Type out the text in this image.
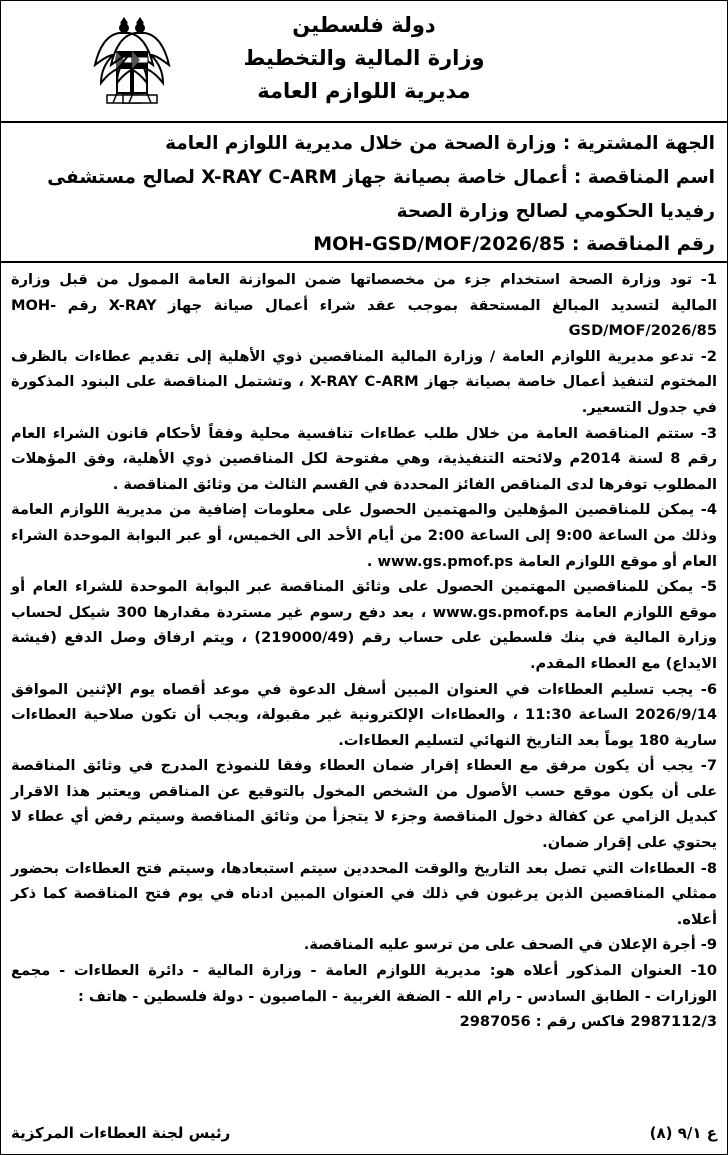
دولة فلسطين
وزارة المالية والتخطيط
مديرية اللوازم العامة
الجهة المشترية : وزارة الصحة من خلال مديرية اللوازم العامة
اسم المناقصة : أعمال خاصة بصيانة جهاز X-RAY C-ARM لصالح مستشفى
رفيديا الحكومي لصالح وزارة الصحة
رقم المناقصة : MOH-GSD/MOF/2026/85

1- تود وزارة الصحة استخدام جزء من مخصصاتها ضمن الموازنة العامة الممول من قبل وزارة المالية لتسديد المبالغ المستحقة بموجب عقد شراء أعمال صيانة جهاز X-RAY رقم MOH-GSD/MOF/2026/85

2- تدعو مديرية اللوازم العامة / وزارة المالية المناقصين ذوي الأهلية إلى تقديم عطاءات بالظرف المختوم لتنفيذ أعمال خاصة بصيانة جهاز X-RAY C-ARM ، وتشتمل المناقصة على البنود المذكورة في جدول التسعير.

3- ستتم المناقصة العامة من خلال طلب عطاءات تنافسية محلية وفقاً لأحكام قانون الشراء العام رقم 8 لسنة 2014م ولائحته التنفيذية، وهي مفتوحة لكل المناقصين ذوي الأهلية، وفق المؤهلات المطلوب توفرها لدى المناقص الفائز المحددة في القسم الثالث من وثائق المناقصة .

4- يمكن للمناقصين المؤهلين والمهتمين الحصول على معلومات إضافية من مديرية اللوازم العامة وذلك من الساعة 9:00 إلى الساعة 2:00 من أيام الأحد الى الخميس، أو عبر البوابة الموحدة الشراء العام أو موقع اللوازم العامة www.gs.pmof.ps .

5- يمكن للمناقصين المهتمين الحصول على وثائق المناقصة عبر البوابة الموحدة للشراء العام أو موقع اللوازم العامة www.gs.pmof.ps ، بعد دفع رسوم غير مستردة مقدارها 300 شيكل لحساب وزارة المالية في بنك فلسطين على حساب رقم (219000/49) ، ويتم ارفاق وصل الدفع (فيشة الايداع) مع العطاء المقدم.

6- يجب تسليم العطاءات في العنوان المبين أسفل الدعوة في موعد أقصاه يوم الإثنين الموافق 2026/9/14 الساعة 11:30 ، والعطاءات الإلكترونية غير مقبولة، ويجب أن تكون صلاحية العطاءات سارية 180 يوماً بعد التاريخ النهائي لتسليم العطاءات.

7- يجب أن يكون مرفق مع العطاء إقرار ضمان العطاء وفقا للنموذج المدرج في وثائق المناقصة على أن يكون موقع حسب الأصول من الشخص المخول بالتوقيع عن المناقص ويعتبر هذا الاقرار كبديل الزامي عن كفالة دخول المناقصة وجزء لا يتجزأ من وثائق المناقصة وسيتم رفض أي عطاء لا يحتوي على إقرار ضمان.

8- العطاءات التي تصل بعد التاريخ والوقت المحددين سيتم استبعادها، وسيتم فتح العطاءات بحضور ممثلي المناقصين الذين يرغبون في ذلك في العنوان المبين ادناه في يوم فتح المناقصة كما ذكر أعلاه.

9- أجرة الإعلان في الصحف على من ترسو عليه المناقصة.

10- العنوان المذكور أعلاه هو: مديرية اللوازم العامة - وزارة المالية - دائرة العطاءات - مجمع الوزارات - الطابق السادس - رام الله - الضفة الغربية - الماصيون - دولة فلسطين - هاتف :
2987112/3 فاكس رقم : 2987056

رئيس لجنة العطاءات المركزية	ع ٩/١ (٨)
